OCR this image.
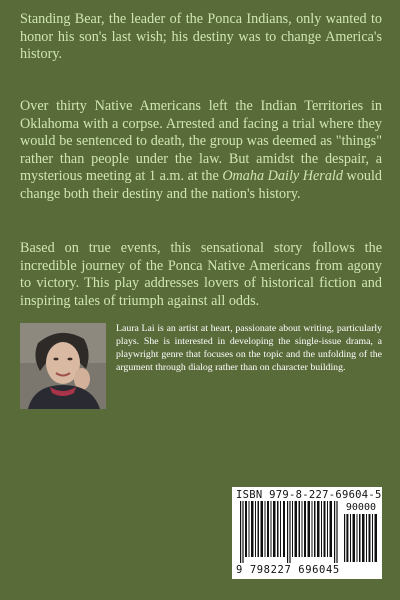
Standing Bear, the leader of the Ponca Indians, only wanted to honor his son's last wish; his destiny was to change America's history.

Over thirty Native Americans left the Indian Territories in Oklahoma with a corpse. Arrested and facing a trial where they would be sentenced to death, the group was deemed as "things" rather than people under the law. But amidst the despair, a mysterious meeting at 1 a.m. at the Omaha Daily Herald would change both their destiny and the nation's history.

Based on true events, this sensational story follows the incredible journey of the Ponca Native Americans from agony to victory. This play addresses lovers of historical fiction and inspiring tales of triumph against all odds.

Laura Lai is an artist at heart, passionate about writing, particularly plays. She is interested in developing the single-issue drama, a playwright genre that focuses on the topic and the unfolding of the argument through dialog rather than on character building.

ISBN 979-8-227-69604-5
90000
9 798227 696045
